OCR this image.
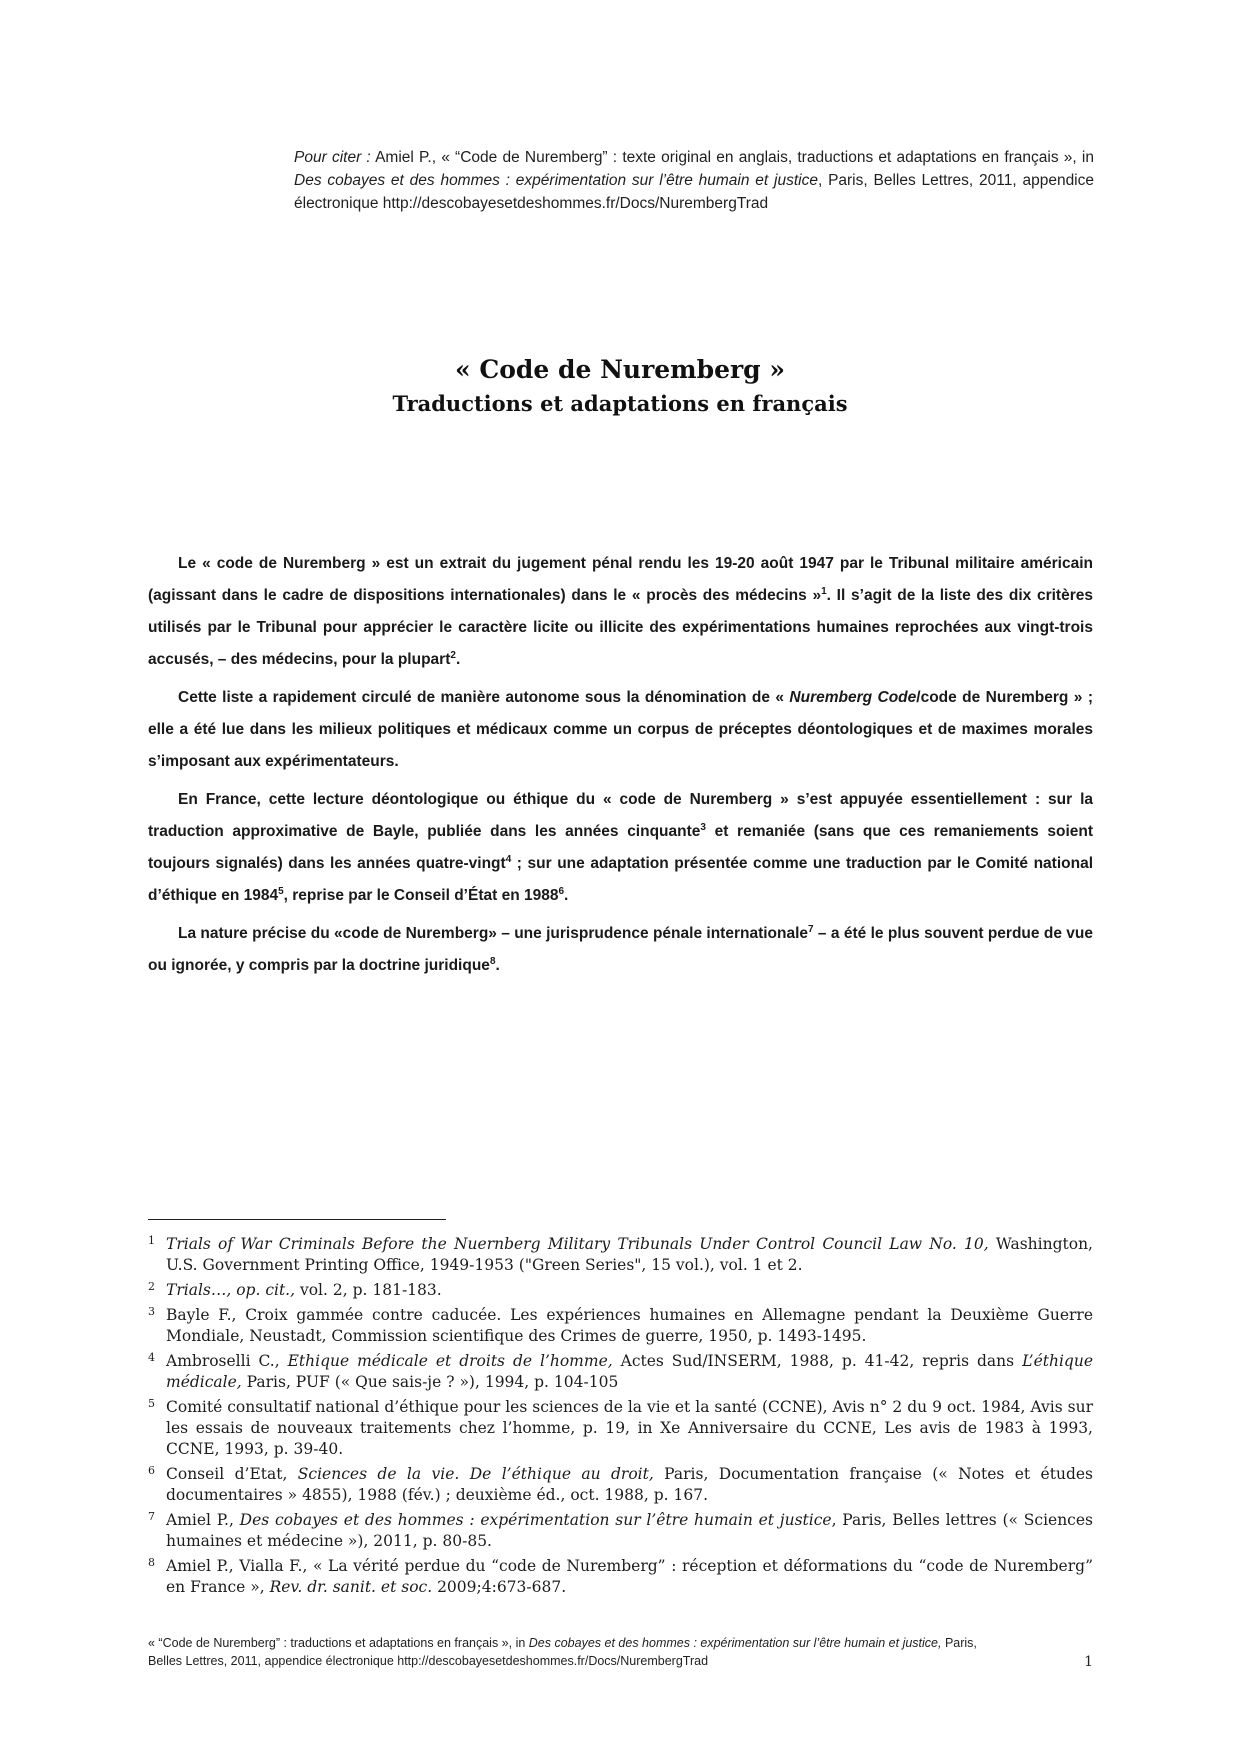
Pour citer : Amiel P., « “Code de Nuremberg” : texte original en anglais, traductions et adaptations en français », in Des cobayes et des hommes : expérimentation sur l’être humain et justice, Paris, Belles Lettres, 2011, appendice électronique http://descobayesetdeshommes.fr/Docs/NurembergTrad
« Code de Nuremberg »
Traductions et adaptations en français

Le « code de Nuremberg » est un extrait du jugement pénal rendu les 19-20 août 1947 par le Tribunal militaire américain (agissant dans le cadre de dispositions internationales) dans le « procès des médecins »$^1$. Il s’agit de la liste des dix critères utilisés par le Tribunal pour apprécier le caractère licite ou illicite des expérimentations humaines reprochées aux vingt-trois accusés, – des médecins, pour la plupart$^2$.

Cette liste a rapidement circulé de manière autonome sous la dénomination de « Nuremberg Code/code de Nuremberg » ; elle a été lue dans les milieux politiques et médicaux comme un corpus de préceptes déontologiques et de maximes morales s’imposant aux expérimentateurs.

En France, cette lecture déontologique ou éthique du « code de Nuremberg » s’est appuyée essentiellement : sur la traduction approximative de Bayle, publiée dans les années cinquante$^3$ et remaniée (sans que ces remaniements soient toujours signalés) dans les années quatre-vingt$^4$ ; sur une adaptation présentée comme une traduction par le Comité national d’éthique en 1984$^5$, reprise par le Conseil d’État en 1988$^6$.

La nature précise du «code de Nuremberg» – une jurisprudence pénale internationale$^7$ – a été le plus souvent perdue de vue ou ignorée, y compris par la doctrine juridique$^8$.

1 Trials of War Criminals Before the Nuernberg Military Tribunals Under Control Council Law No. 10, Washington, U.S. Government Printing Office, 1949-1953 ("Green Series", 15 vol.), vol. 1 et 2.
2 Trials…, op. cit., vol. 2, p. 181-183.
3 Bayle F., Croix gammée contre caducée. Les expériences humaines en Allemagne pendant la Deuxième Guerre Mondiale, Neustadt, Commission scientifique des Crimes de guerre, 1950, p. 1493-1495.
4 Ambroselli C., Ethique médicale et droits de l’homme, Actes Sud/INSERM, 1988, p. 41-42, repris dans L’éthique médicale, Paris, PUF (« Que sais-je ? »), 1994, p. 104-105
5 Comité consultatif national d’éthique pour les sciences de la vie et la santé (CCNE), Avis n° 2 du 9 oct. 1984, Avis sur les essais de nouveaux traitements chez l’homme, p. 19, in Xe Anniversaire du CCNE, Les avis de 1983 à 1993, CCNE, 1993, p. 39-40.
6 Conseil d’Etat, Sciences de la vie. De l’éthique au droit, Paris, Documentation française (« Notes et études documentaires » 4855), 1988 (fév.) ; deuxième éd., oct. 1988, p. 167.
7 Amiel P., Des cobayes et des hommes : expérimentation sur l’être humain et justice, Paris, Belles lettres (« Sciences humaines et médecine »), 2011, p. 80-85.
8 Amiel P., Vialla F., « La vérité perdue du “code de Nuremberg” : réception et déformations du “code de Nuremberg” en France », Rev. dr. sanit. et soc. 2009;4:673-687.
« “Code de Nuremberg” : traductions et adaptations en français », in Des cobayes et des hommes : expérimentation sur l’être humain et justice, Paris, Belles Lettres, 2011, appendice électronique http://descobayesetdeshommes.fr/Docs/NurembergTrad	1
